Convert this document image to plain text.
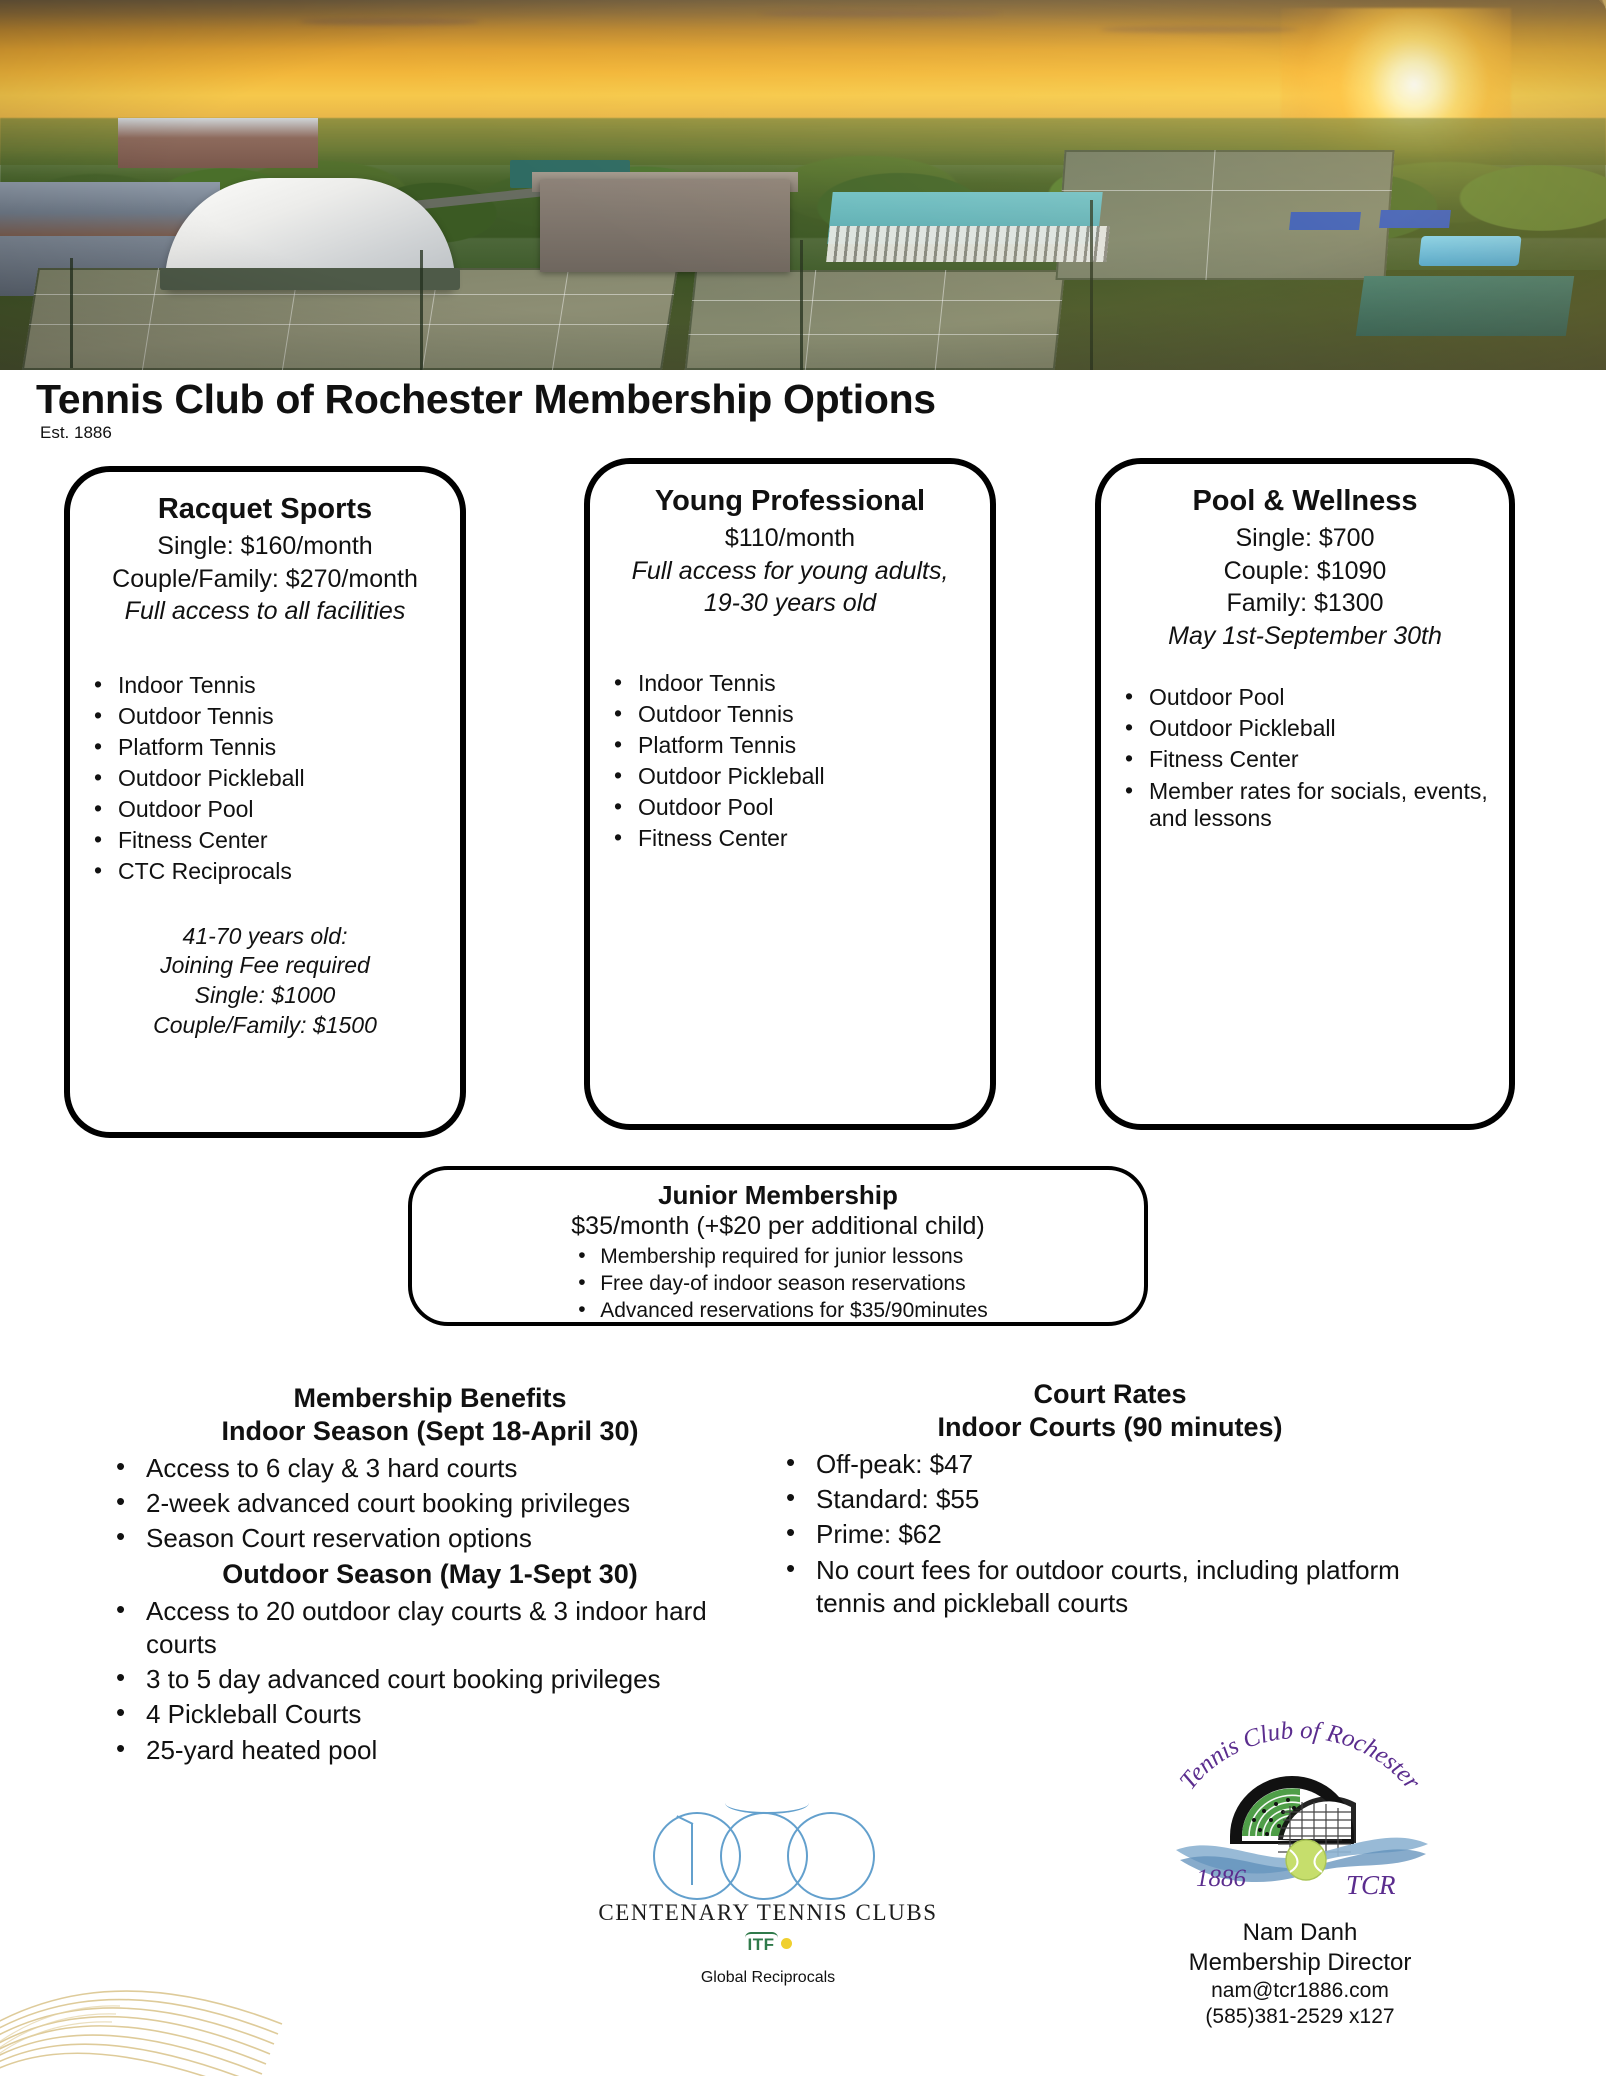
Tennis Club of Rochester Membership Options
Est. 1886
Racquet Sports
Single: $160/month
Couple/Family: $270/month
Full access to all facilities
• Indoor Tennis
• Outdoor Tennis
• Platform Tennis
• Outdoor Pickleball
• Outdoor Pool
• Fitness Center
• CTC Reciprocals
41-70 years old:
Joining Fee required
Single: $1000
Couple/Family: $1500
Young Professional
$110/month
Full access for young adults,
19-30 years old
• Indoor Tennis
• Outdoor Tennis
• Platform Tennis
• Outdoor Pickleball
• Outdoor Pool
• Fitness Center
Pool & Wellness
Single: $700
Couple: $1090
Family: $1300
May 1st-September 30th
• Outdoor Pool
• Outdoor Pickleball
• Fitness Center
• Member rates for socials, events, and lessons
Junior Membership
$35/month (+$20 per additional child)
• Membership required for junior lessons
• Free day-of indoor season reservations
• Advanced reservations for $35/90minutes
Membership Benefits
Indoor Season (Sept 18-April 30)
• Access to 6 clay & 3 hard courts
• 2-week advanced court booking privileges
• Season Court reservation options
Outdoor Season (May 1-Sept 30)
• Access to 20 outdoor clay courts & 3 indoor hard courts
• 3 to 5 day advanced court booking privileges
• 4 Pickleball Courts
• 25-yard heated pool
Court Rates
Indoor Courts (90 minutes)
• Off-peak: $47
• Standard: $55
• Prime: $62
• No court fees for outdoor courts, including platform tennis and pickleball courts
CENTENARY TENNIS CLUBS
ITF
Global Reciprocals
Tennis Club of Rochester
1886	TCR
Nam Danh
Membership Director
nam@tcr1886.com
(585)381-2529 x127
